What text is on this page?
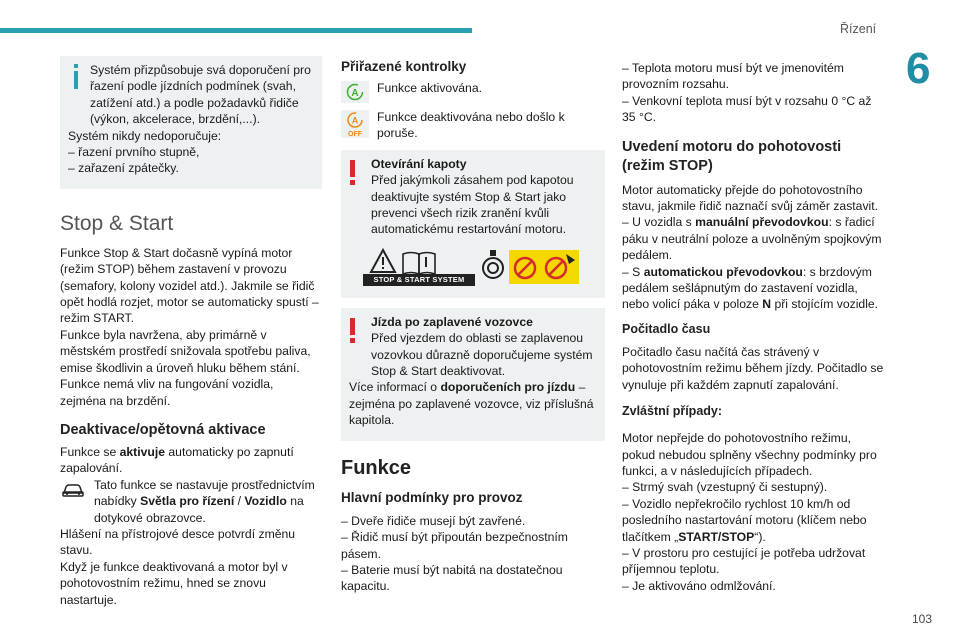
Řízení
6
103

Systém přizpůsobuje svá doporučení pro řazení podle jízdních podmínek (svah, zatížení atd.) a podle požadavků řidiče (výkon, akcelerace, brzdění,...).

Systém nikdy nedoporučuje:

– řazení prvního stupně,

– zařazení zpátečky.

Stop & Start

Funkce Stop & Start dočasně vypíná motor (režim STOP) během zastavení v provozu (semafory, kolony vozidel atd.). Jakmile se řidič opět hodlá rozjet, motor se automaticky spustí – režim START.

Funkce byla navržena, aby primárně v městském prostředí snižovala spotřebu paliva, emise škodlivin a úroveň hluku během stání.

Funkce nemá vliv na fungování vozidla, zejména na brzdění.

Deaktivace/opětovná aktivace

Funkce se aktivuje automaticky po zapnutí zapalování.

Tato funkce se nastavuje prostřednictvím nabídky Světla pro řízení / Vozidlo na dotykové obrazovce.

Hlášení na přístrojové desce potvrdí změnu stavu.

Když je funkce deaktivovaná a motor byl v pohotovostním režimu, hned se znovu nastartuje.

Přiřazené kontrolky
A Funkce aktivována.

A
OFF

Funkce deaktivována nebo došlo k poruše.

Otevírání kapoty

Před jakýmkoli zásahem pod kapotou deaktivujte systém Stop & Start jako prevenci všech rizik zranění kvůli automatickému restartování motoru.

STOP & START SYSTEM

Jízda po zaplavené vozovce

Před vjezdem do oblasti se zaplavenou vozovkou důrazně doporučujeme systém Stop & Start deaktivovat.

Více informací o doporučeních pro jízdu – zejména po zaplavené vozovce, viz příslušná kapitola.

Funkce
Hlavní podmínky pro provoz

– Dveře řidiče musejí být zavřené.

– Řidič musí být připoután bezpečnostním pásem.

– Baterie musí být nabitá na dostatečnou kapacitu.

– Teplota motoru musí být ve jmenovitém provozním rozsahu.

– Venkovní teplota musí být v rozsahu 0 °C až 35 °C.

Uvedení motoru do pohotovosti (režim STOP)

Motor automaticky přejde do pohotovostního stavu, jakmile řidič naznačí svůj záměr zastavit.

– U vozidla s manuální převodovkou: s řadicí páku v neutrální poloze a uvolněným spojkovým pedálem.

– S automatickou převodovkou: s brzdovým pedálem sešlápnutým do zastavení vozidla, nebo volicí páka v poloze N při stojícím vozidle.

Počitadlo času

Počitadlo času načítá čas strávený v pohotovostním režimu během jízdy. Počitadlo se vynuluje při každém zapnutí zapalování.

Zvláštní případy:

Motor nepřejde do pohotovostního režimu, pokud nebudou splněny všechny podmínky pro funkci, a v následujících případech.

– Strmý svah (vzestupný či sestupný).

– Vozidlo nepřekročilo rychlost 10 km/h od posledního nastartování motoru (klíčem nebo tlačítkem „START/STOP“).

– V prostoru pro cestující je potřeba udržovat příjemnou teplotu.

– Je aktivováno odmlžování.
